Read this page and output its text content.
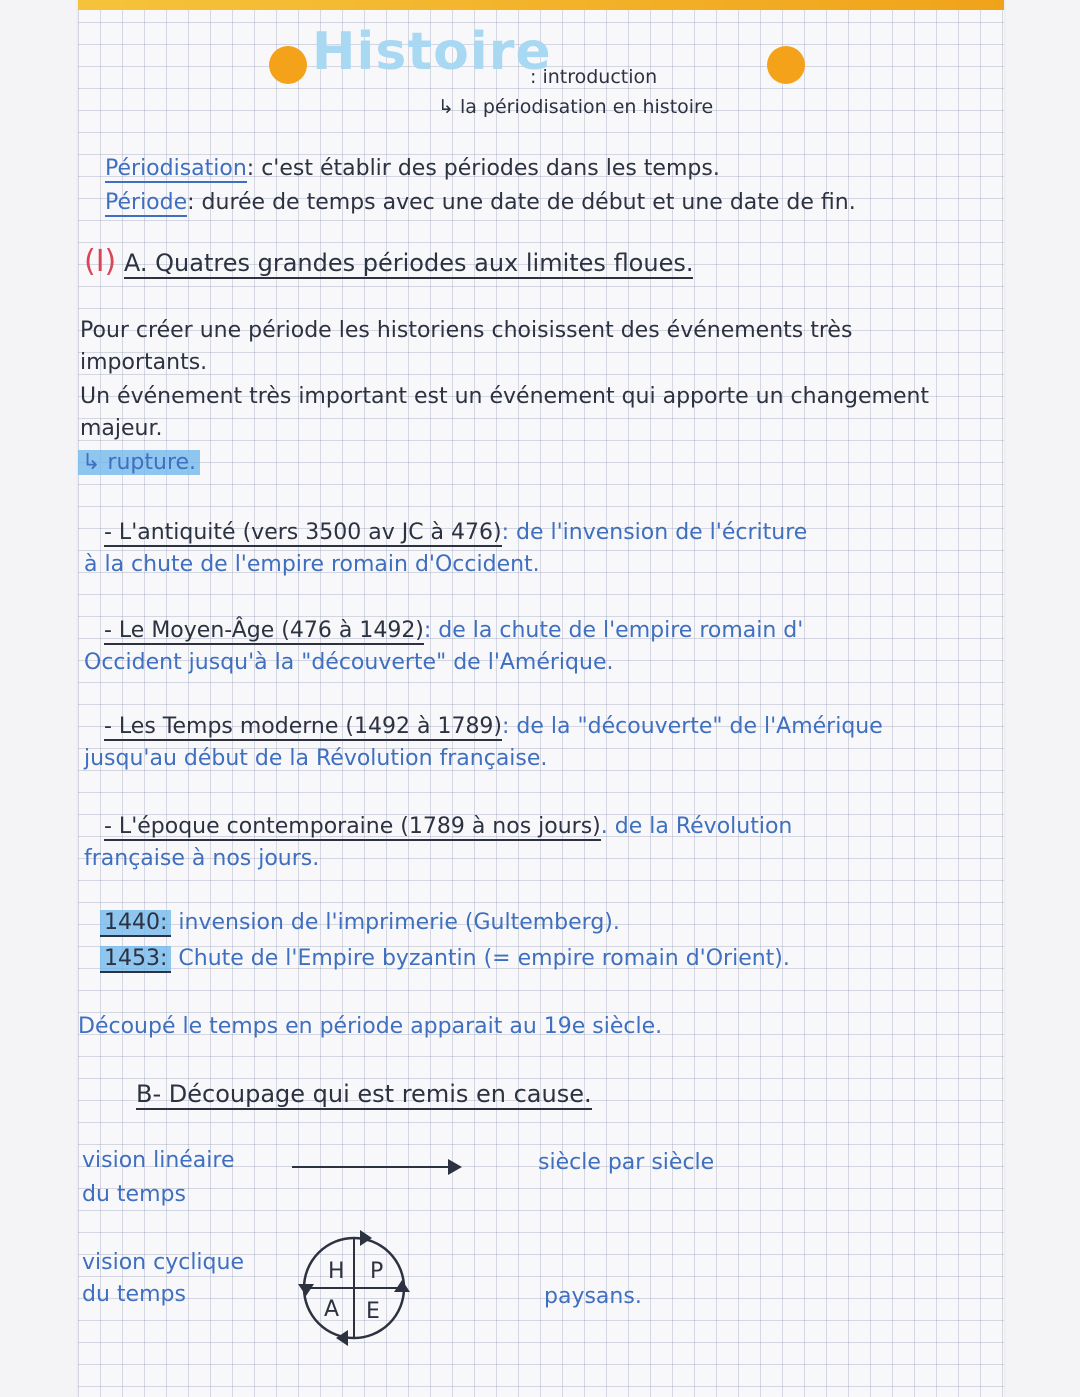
Histoire
: introduction
↳ la périodisation en histoire
Périodisation: c'est établir des périodes dans les temps.
Période: durée de temps avec une date de début et une date de fin.
(I) A. Quatres grandes périodes aux limites floues.
Pour créer une période les historiens choisissent des événements très
importants.
Un événement très important est un événement qui apporte un changement
majeur.
↳ rupture.
- L'antiquité (vers 3500 av JC à 476): de l'invension de l'écriture
à la chute de l'empire romain d'Occident.
- Le Moyen-Âge (476 à 1492): de la chute de l'empire romain d'
Occident jusqu'à la "découverte" de l'Amérique.
- Les Temps moderne (1492 à 1789): de la "découverte" de l'Amérique
jusqu'au début de la Révolution française.
- L'époque contemporaine (1789 à nos jours). de la Révolution
française à nos jours.
1440: invension de l'imprimerie (Gultemberg).
1453: Chute de l'Empire byzantin (= empire romain d'Orient).
Découpé le temps en période apparait au 19e siècle.
B- Découpage qui est remis en cause.
vision linéaire
du temps
siècle par siècle
vision cyclique
du temps
H P
A E
paysans.
